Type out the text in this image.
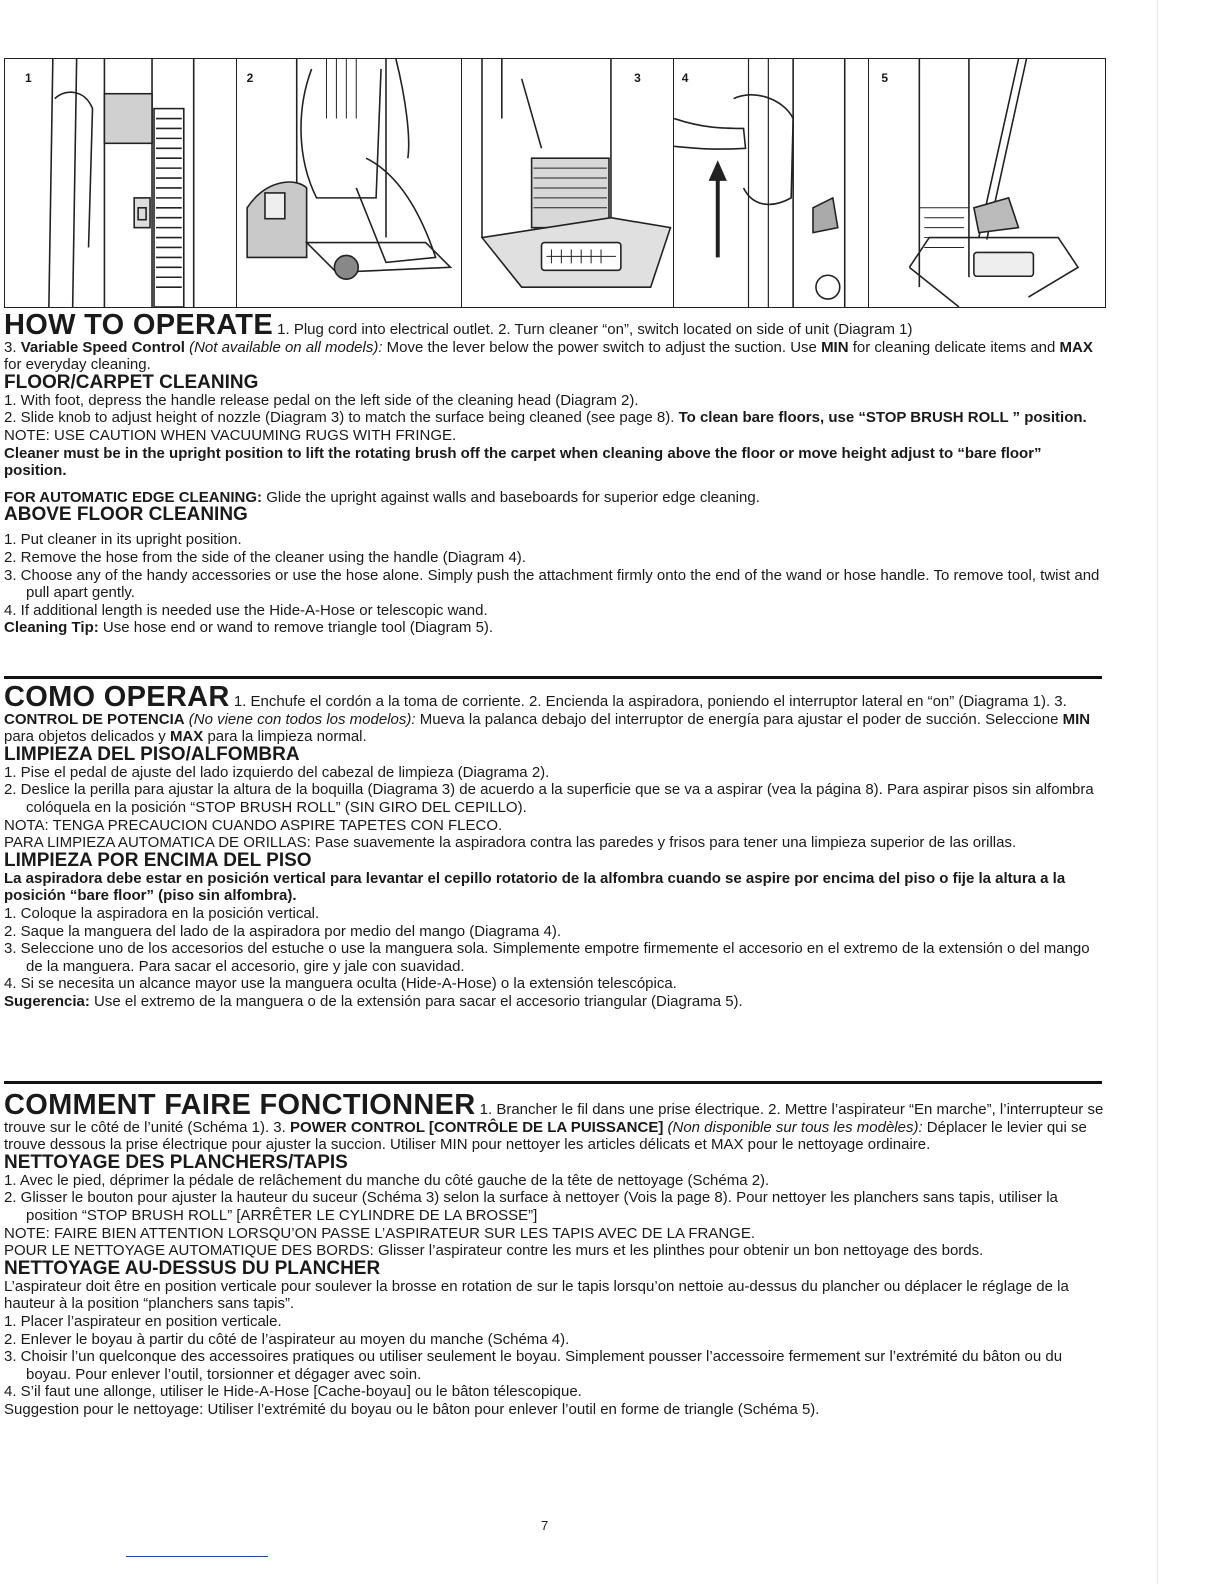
1	2	3	4	5

HOW TO OPERATE 1. Plug cord into electrical outlet. 2. Turn cleaner “on”, switch located on side of unit (Diagram 1)

3. Variable Speed Control (Not available on all models): Move the lever below the power switch to adjust the suction. Use MIN for cleaning delicate items and MAX for everyday cleaning.

FLOOR/CARPET CLEANING

1. With foot, depress the handle release pedal on the left side of the cleaning head (Diagram 2).

2. Slide knob to adjust height of nozzle (Diagram 3) to match the surface being cleaned (see page 8). To clean bare floors, use “STOP BRUSH ROLL ” position.

NOTE: USE CAUTION WHEN VACUUMING RUGS WITH FRINGE.

Cleaner must be in the upright position to lift the rotating brush off the carpet when cleaning above the floor or move height adjust to “bare floor” position.

FOR AUTOMATIC EDGE CLEANING: Glide the upright against walls and baseboards for superior edge cleaning.

ABOVE FLOOR CLEANING

1. Put cleaner in its upright position.

2. Remove the hose from the side of the cleaner using the handle (Diagram 4).

3. Choose any of the handy accessories or use the hose alone. Simply push the attachment firmly onto the end of the wand or hose handle. To remove tool, twist and pull apart gently.

4. If additional length is needed use the Hide-A-Hose or telescopic wand.

Cleaning Tip: Use hose end or wand to remove triangle tool (Diagram 5).

COMO OPERAR 1. Enchufe el cordón a la toma de corriente. 2. Encienda la aspiradora, poniendo el interruptor lateral en “on” (Diagrama 1). 3. CONTROL DE POTENCIA (No viene con todos los modelos): Mueva la palanca debajo del interruptor de energía para ajustar el poder de succión. Seleccione MIN para objetos delicados y MAX para la limpieza normal.

LIMPIEZA DEL PISO/ALFOMBRA

1. Pise el pedal de ajuste del lado izquierdo del cabezal de limpieza (Diagrama 2).

2. Deslice la perilla para ajustar la altura de la boquilla (Diagrama 3) de acuerdo a la superficie que se va a aspirar (vea la página 8). Para aspirar pisos sin alfombra colóquela en la posición “STOP BRUSH ROLL” (SIN GIRO DEL CEPILLO).

NOTA: TENGA PRECAUCION CUANDO ASPIRE TAPETES CON FLECO.

PARA LIMPIEZA AUTOMATICA DE ORILLAS: Pase suavemente la aspiradora contra las paredes y frisos para tener una limpieza superior de las orillas.

LIMPIEZA POR ENCIMA DEL PISO

La aspiradora debe estar en posición vertical para levantar el cepillo rotatorio de la alfombra cuando se aspire por encima del piso o fije la altura a la posición “bare floor” (piso sin alfombra).

1. Coloque la aspiradora en la posición vertical.

2. Saque la manguera del lado de la aspiradora por medio del mango (Diagrama 4).

3. Seleccione uno de los accesorios del estuche o use la manguera sola. Simplemente empotre firmemente el accesorio en el extremo de la extensión o del mango de la manguera. Para sacar el accesorio, gire y jale con suavidad.

4. Si se necesita un alcance mayor use la manguera oculta (Hide-A-Hose) o la extensión telescópica.

Sugerencia: Use el extremo de la manguera o de la extensión para sacar el accesorio triangular (Diagrama 5).

COMMENT FAIRE FONCTIONNER 1. Brancher le fil dans une prise électrique. 2. Mettre l’aspirateur “En marche”, l’interrupteur se trouve sur le côté de l’unité (Schéma 1). 3. POWER CONTROL [CONTRÔLE DE LA PUISSANCE] (Non disponible sur tous les modèles): Déplacer le levier qui se trouve dessous la prise électrique pour ajuster la succion. Utiliser MIN pour nettoyer les articles délicats et MAX pour le nettoyage ordinaire.

NETTOYAGE DES PLANCHERS/TAPIS

1. Avec le pied, déprimer la pédale de relâchement du manche du côté gauche de la tête de nettoyage (Schéma 2).

2. Glisser le bouton pour ajuster la hauteur du suceur (Schéma 3) selon la surface à nettoyer (Vois la page 8). Pour nettoyer les planchers sans tapis, utiliser la position “STOP BRUSH ROLL” [ARRÊTER LE CYLINDRE DE LA BROSSE”]

NOTE: FAIRE BIEN ATTENTION LORSQU’ON PASSE L’ASPIRATEUR SUR LES TAPIS AVEC DE LA FRANGE.

POUR LE NETTOYAGE AUTOMATIQUE DES BORDS: Glisser l’aspirateur contre les murs et les plinthes pour obtenir un bon nettoyage des bords.

NETTOYAGE AU-DESSUS DU PLANCHER

L’aspirateur doit être en position verticale pour soulever la brosse en rotation de sur le tapis lorsqu’on nettoie au-dessus du plancher ou déplacer le réglage de la hauteur à la position “planchers sans tapis”.

1. Placer l’aspirateur en position verticale.

2. Enlever le boyau à partir du côté de l’aspirateur au moyen du manche (Schéma 4).

3. Choisir l’un quelconque des accessoires pratiques ou utiliser seulement le boyau. Simplement pousser l’accessoire fermement sur l’extrémité du bâton ou du boyau. Pour enlever l’outil, torsionner et dégager avec soin.

4. S’il faut une allonge, utiliser le Hide-A-Hose [Cache-boyau] ou le bâton télescopique.

Suggestion pour le nettoyage: Utiliser l’extrémité du boyau ou le bâton pour enlever l’outil en forme de triangle (Schéma 5).

7
